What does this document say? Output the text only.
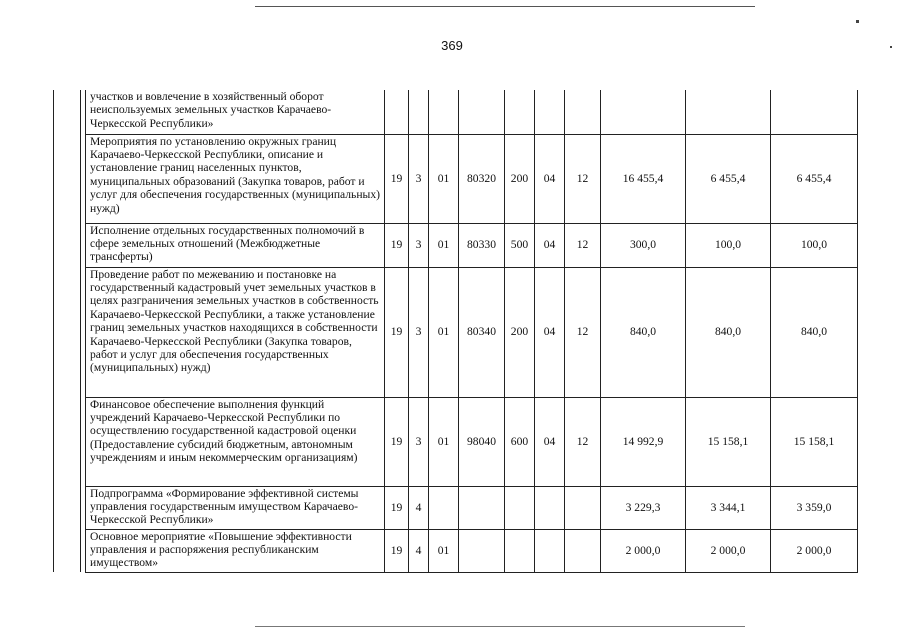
369
		участков и вовлечение в хозяйственный оборот неиспользуемых земельных участков Карачаево-Черкесской Республики»										
		Мероприятия по установлению окружных границ Карачаево-Черкесской Республики, описание и установление границ населенных пунктов, муниципальных образований (Закупка товаров, работ и услуг для обеспечения государственных (муниципальных) нужд)	19	3	01	80320	200	04	12	16 455,4	6 455,4	6 455,4
		Исполнение отдельных государственных полномочий в сфере земельных отношений (Межбюджетные трансферты)	19	3	01	80330	500	04	12	300,0	100,0	100,0
		Проведение работ по межеванию и постановке на государственный кадастровый учет земельных участков в целях разграничения земельных участков в собственность Карачаево-Черкесской Республики, а также установление границ земельных участков находящихся в собственности Карачаево-Черкесской Республики (Закупка товаров, работ и услуг для обеспечения государственных (муниципальных) нужд)	19	3	01	80340	200	04	12	840,0	840,0	840,0
		Финансовое обеспечение выполнения функций учреждений Карачаево-Черкесской Республики по осуществлению государственной кадастровой оценки (Предоставление субсидий бюджетным, автономным учреждениям и иным некоммерческим организациям)	19	3	01	98040	600	04	12	14 992,9	15 158,1	15 158,1
		Подпрограмма «Формирование эффективной системы управления государственным имуществом Карачаево-Черкесской Республики»	19	4						3 229,3	3 344,1	3 359,0
		Основное мероприятие «Повышение эффективности управления и распоряжения республиканским имуществом»	19	4	01					2 000,0	2 000,0	2 000,0
